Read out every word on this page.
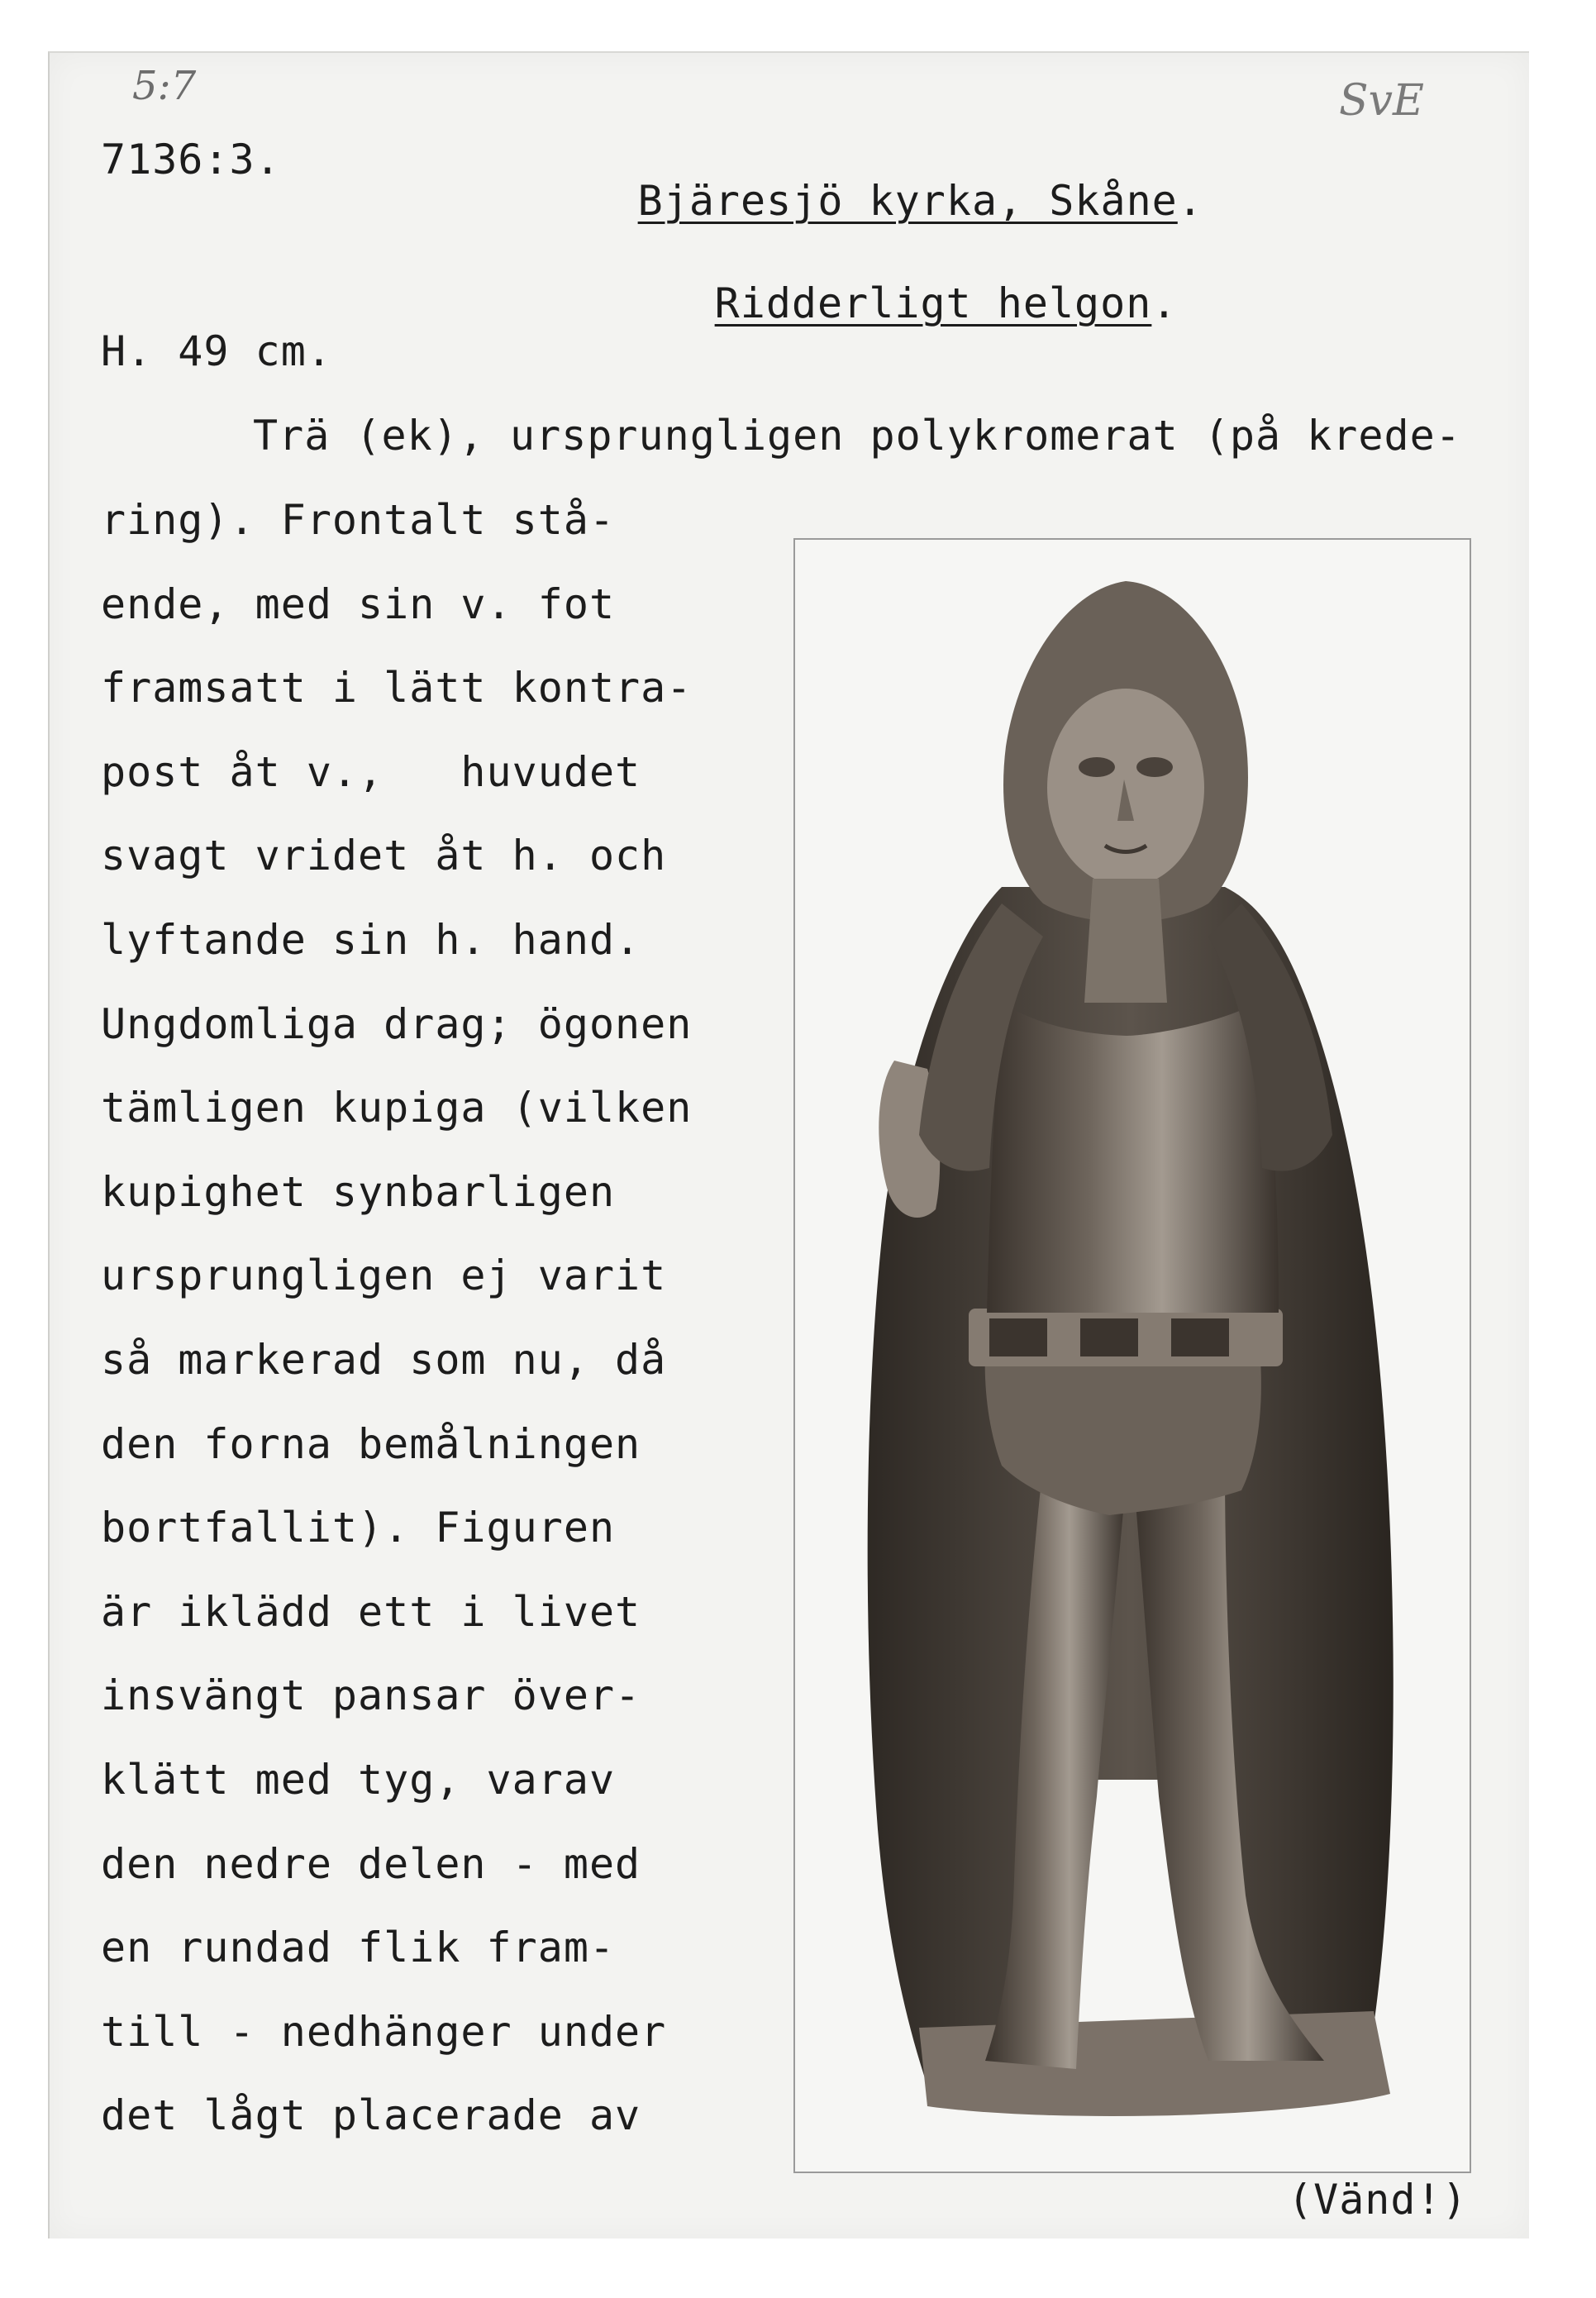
5:7	SvE
7136:3.

Bjäresjö kyrka, Skåne.

Ridderligt helgon.

H. 49 cm.
Trä (ek), ursprungligen polykromerat (på krede-
ring). Frontalt stå-
ende, med sin v. fot
framsatt i lätt kontra-
post åt v.,   huvudet
svagt vridet åt h. och
lyftande sin h. hand.
Ungdomliga drag; ögonen
tämligen kupiga (vilken
kupighet synbarligen
ursprungligen ej varit
så markerad som nu, då
den forna bemålningen
bortfallit). Figuren
är iklädd ett i livet
insvängt pansar över-
klätt med tyg, varav
den nedre delen - med
en rundad flik fram-
till - nedhänger under
det lågt placerade av
(Vänd!)
